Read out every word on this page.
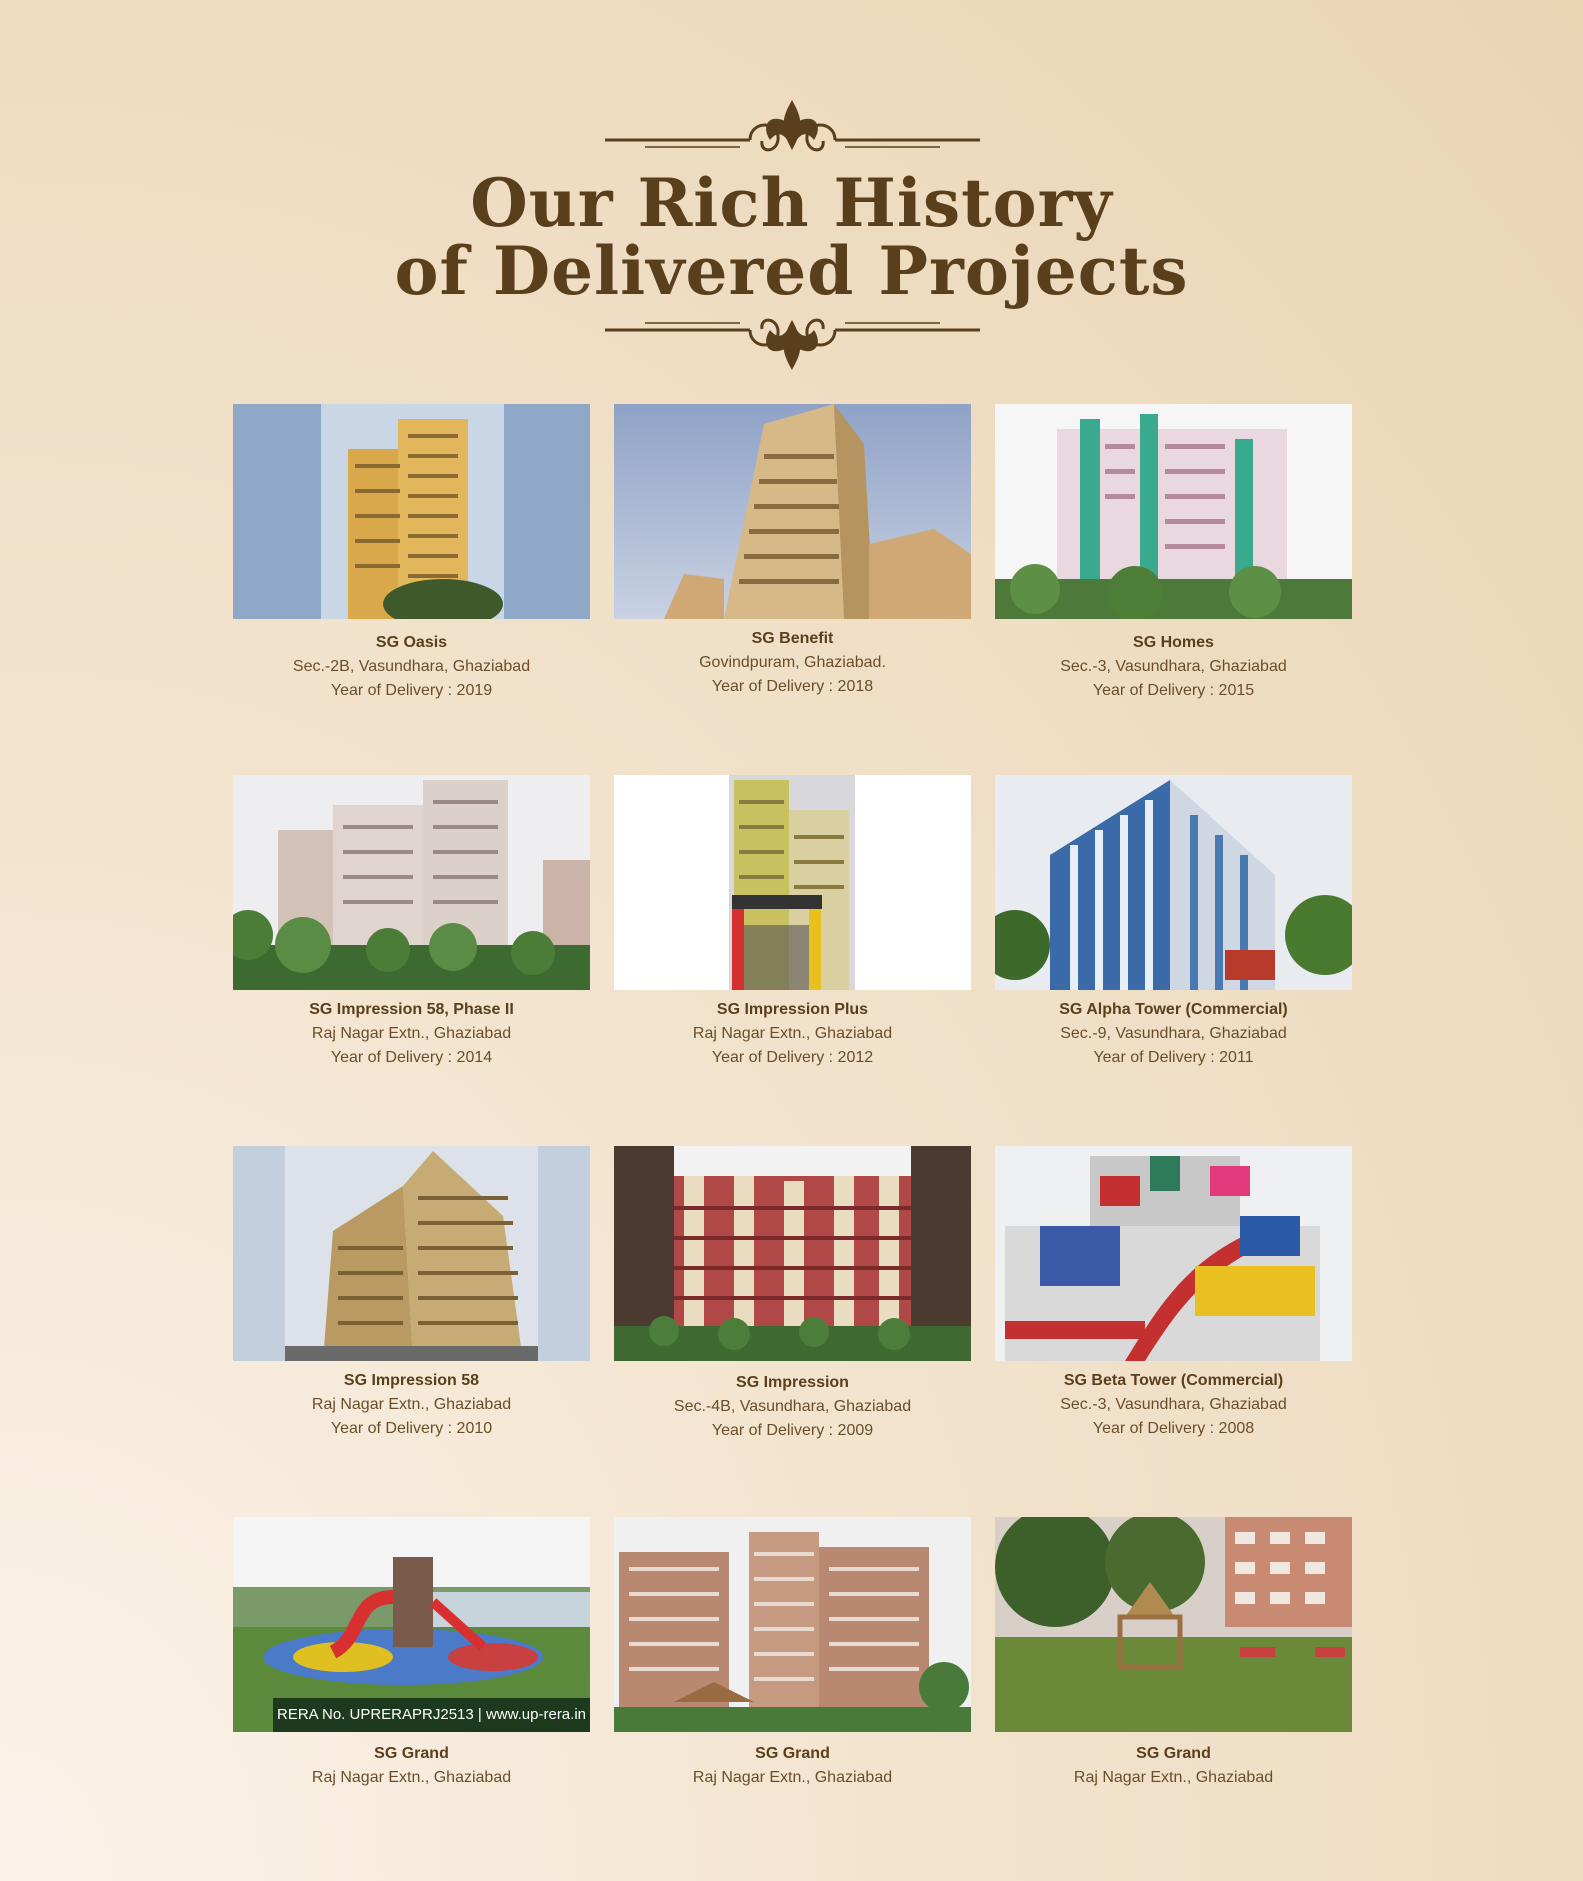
Our Rich History
of Delivered Projects
SG Oasis
Sec.-2B, Vasundhara, Ghaziabad
Year of Delivery : 2019
SG Benefit
Govindpuram, Ghaziabad.
Year of Delivery : 2018
SG Homes
Sec.-3, Vasundhara, Ghaziabad
Year of Delivery : 2015
SG Impression 58, Phase II
Raj Nagar Extn., Ghaziabad
Year of Delivery : 2014
SG Impression Plus
Raj Nagar Extn., Ghaziabad
Year of Delivery : 2012
SG Alpha Tower (Commercial)
Sec.-9, Vasundhara, Ghaziabad
Year of Delivery : 2011
SG Impression 58
Raj Nagar Extn., Ghaziabad
Year of Delivery : 2010
SG Impression
Sec.-4B, Vasundhara, Ghaziabad
Year of Delivery : 2009
SG Beta Tower (Commercial)
Sec.-3, Vasundhara, Ghaziabad
Year of Delivery : 2008
RERA No. UPRERAPRJ2513 | www.up-rera.in
SG Grand
Raj Nagar Extn., Ghaziabad
SG Grand
Raj Nagar Extn., Ghaziabad
SG Grand
Raj Nagar Extn., Ghaziabad
